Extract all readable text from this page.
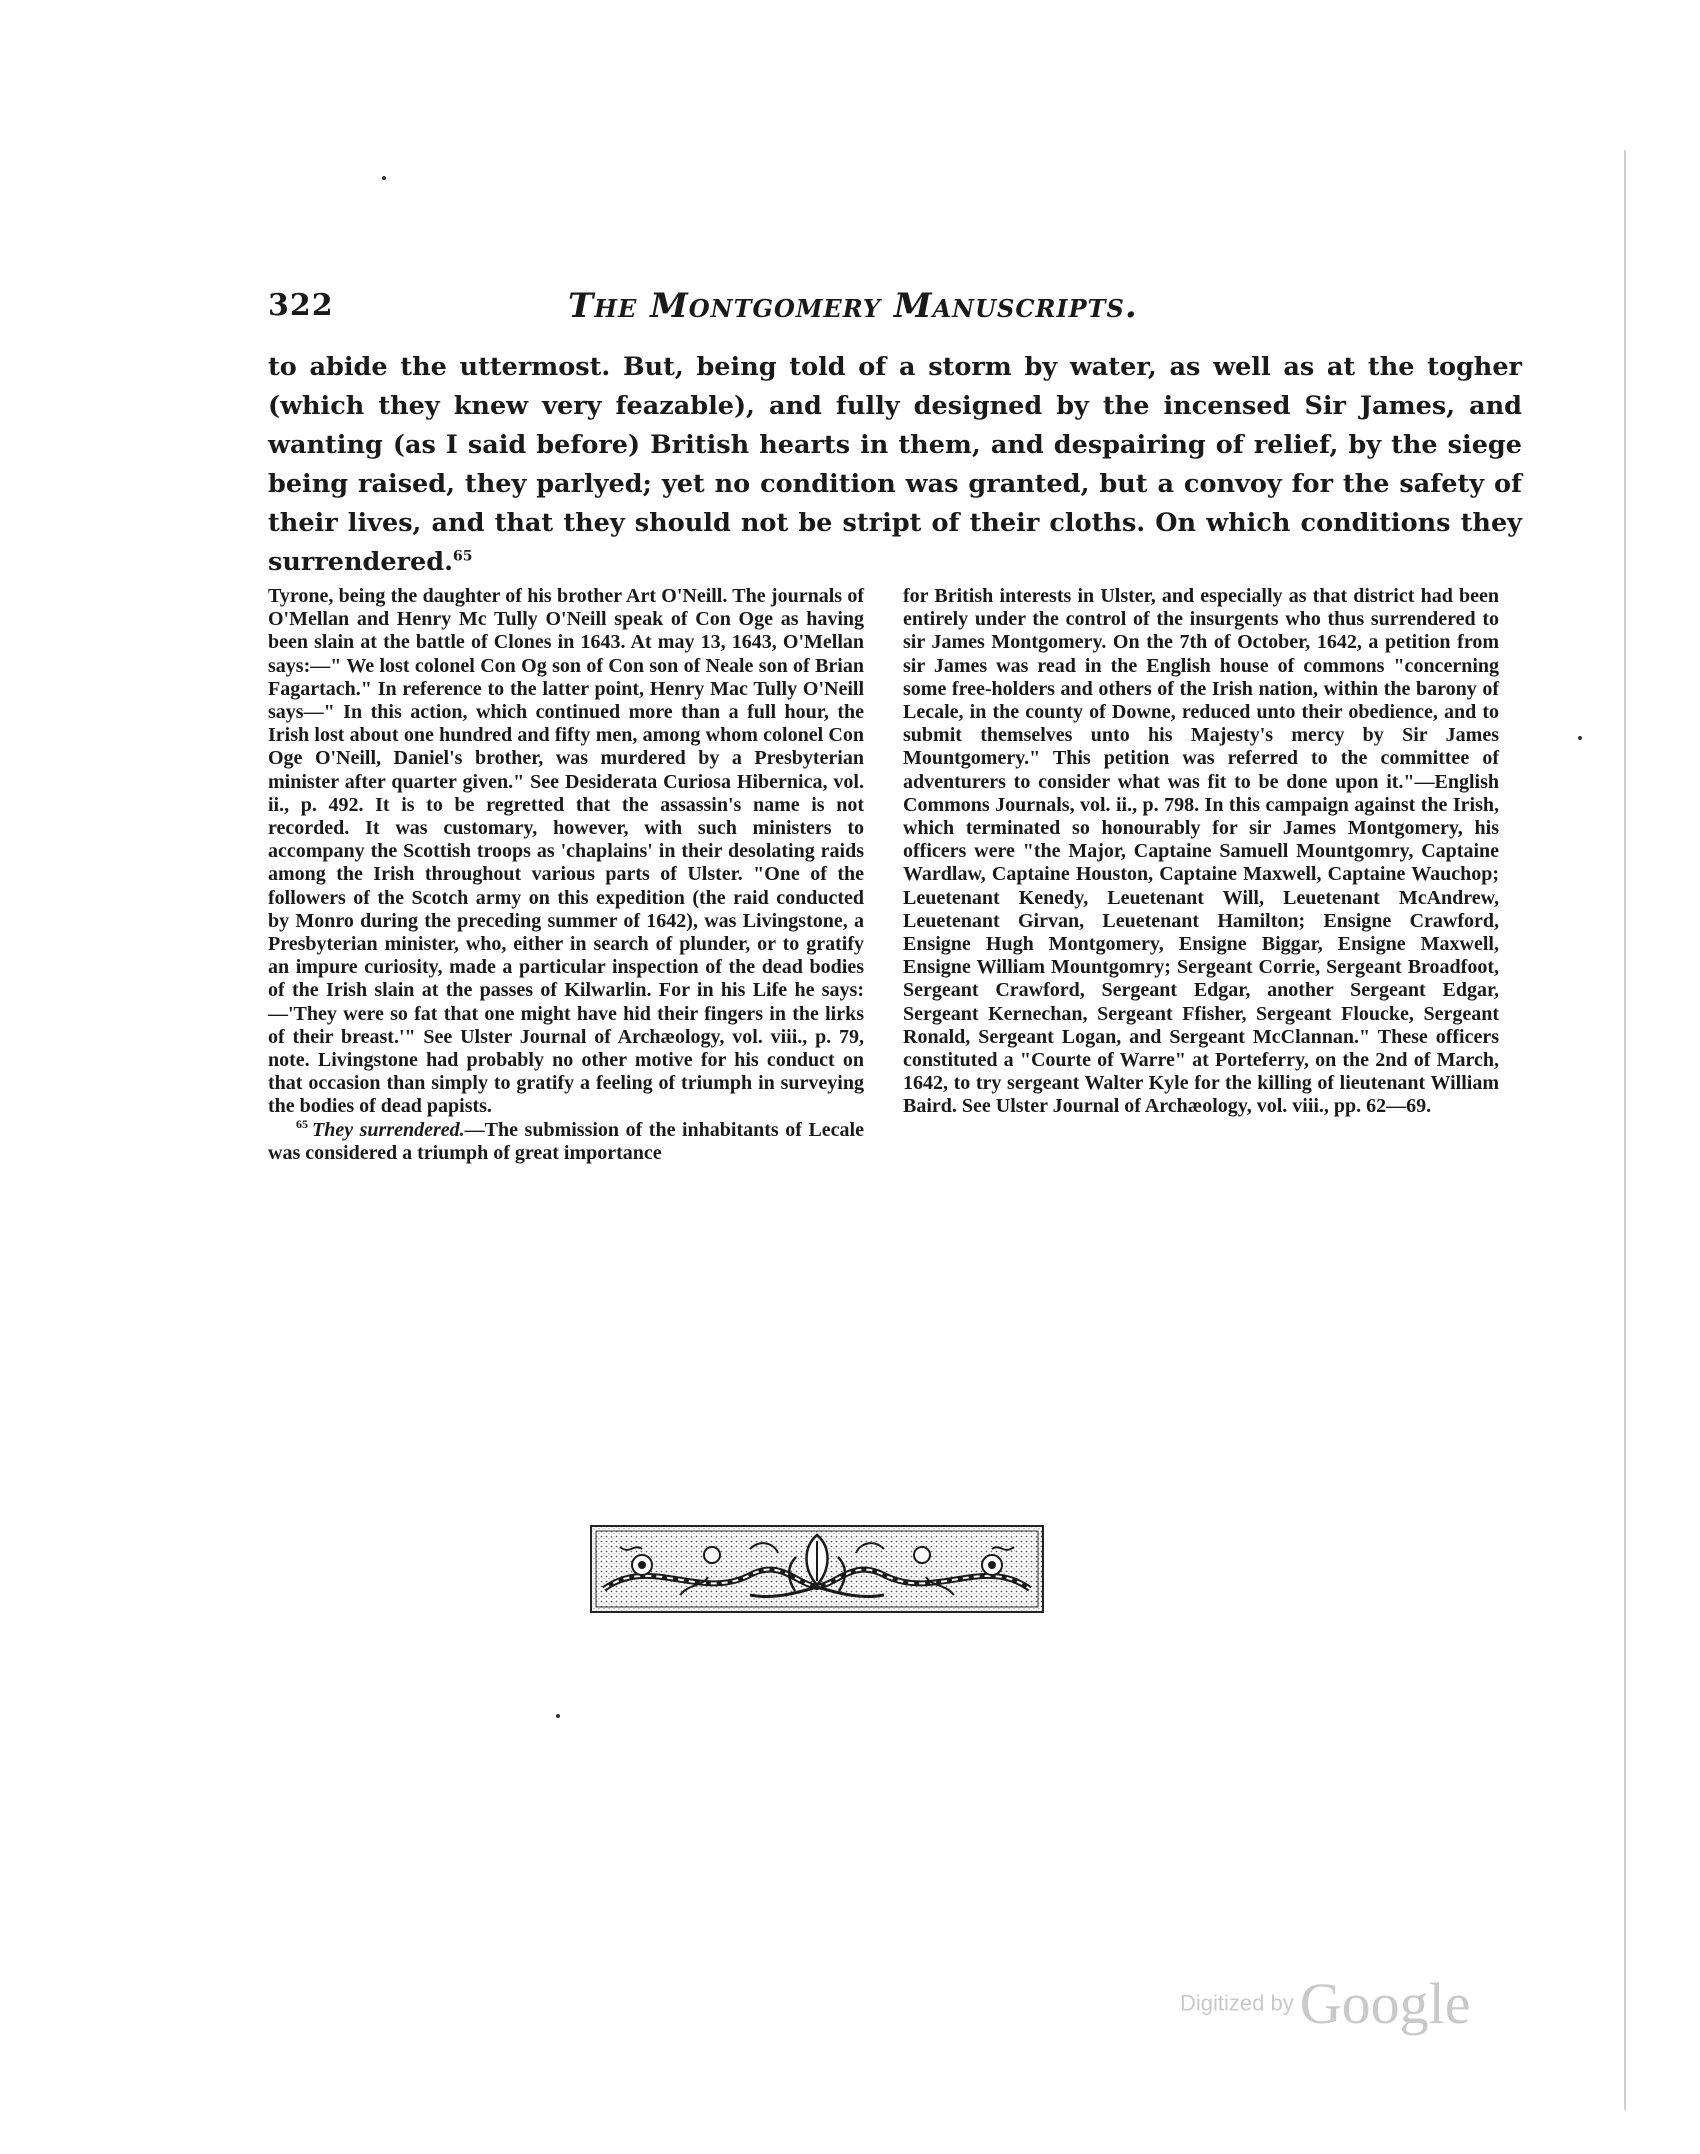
322	The Montgomery Manuscripts.

to abide the uttermost. But, being told of a storm by water, as well as at the togher (which they knew very feazable), and fully designed by the incensed Sir James, and wanting (as I said before) British hearts in them, and despairing of relief, by the siege being raised, they parlyed; yet no condition was granted, but a convoy for the safety of their lives, and that they should not be stript of their cloths. On which conditions they surrendered.$^{65}$

Tyrone, being the daughter of his brother Art O'Neill. The journals of O'Mellan and Henry Mc Tully O'Neill speak of Con Oge as having been slain at the battle of Clones in 1643. At may 13, 1643, O'Mellan says:—" We lost colonel Con Og son of Con son of Neale son of Brian Fagartach." In reference to the latter point, Henry Mac Tully O'Neill says—" In this action, which continued more than a full hour, the Irish lost about one hundred and fifty men, among whom colonel Con Oge O'Neill, Daniel's brother, was murdered by a Presbyterian minister after quarter given." See Desiderata Curiosa Hibernica, vol. ii., p. 492. It is to be regretted that the assassin's name is not recorded. It was customary, however, with such ministers to accompany the Scottish troops as 'chaplains' in their desolating raids among the Irish throughout various parts of Ulster. "One of the followers of the Scotch army on this expedition (the raid conducted by Monro during the preceding summer of 1642), was Livingstone, a Presbyterian minister, who, either in search of plunder, or to gratify an impure curiosity, made a particular inspection of the dead bodies of the Irish slain at the passes of Kilwarlin. For in his Life he says:—'They were so fat that one might have hid their fingers in the lirks of their breast.'" See Ulster Journal of Archæology, vol. viii., p. 79, note. Livingstone had probably no other motive for his conduct on that occasion than simply to gratify a feeling of triumph in surveying the bodies of dead papists.

$^{65}$ They surrendered.—The submission of the inhabitants of Lecale was considered a triumph of great importance

for British interests in Ulster, and especially as that district had been entirely under the control of the insurgents who thus surrendered to sir James Montgomery. On the 7th of October, 1642, a petition from sir James was read in the English house of commons "concerning some free-holders and others of the Irish nation, within the barony of Lecale, in the county of Downe, reduced unto their obedience, and to submit themselves unto his Majesty's mercy by Sir James Mountgomery." This petition was referred to the committee of adventurers to consider what was fit to be done upon it."—English Commons Journals, vol. ii., p. 798. In this campaign against the Irish, which terminated so honourably for sir James Montgomery, his officers were "the Major, Captaine Samuell Mountgomry, Captaine Wardlaw, Captaine Houston, Captaine Maxwell, Captaine Wauchop; Leuetenant Kenedy, Leuetenant Will, Leuetenant McAndrew, Leuetenant Girvan, Leuetenant Hamilton; Ensigne Crawford, Ensigne Hugh Montgomery, Ensigne Biggar, Ensigne Maxwell, Ensigne William Mountgomry; Sergeant Corrie, Sergeant Broadfoot, Sergeant Crawford, Sergeant Edgar, another Sergeant Edgar, Sergeant Kernechan, Sergeant Ffisher, Sergeant Floucke, Sergeant Ronald, Sergeant Logan, and Sergeant McClannan." These officers constituted a "Courte of Warre" at Porteferry, on the 2nd of March, 1642, to try sergeant Walter Kyle for the killing of lieutenant William Baird. See Ulster Journal of Archæology, vol. viii., pp. 62—69.

Digitized by Google
